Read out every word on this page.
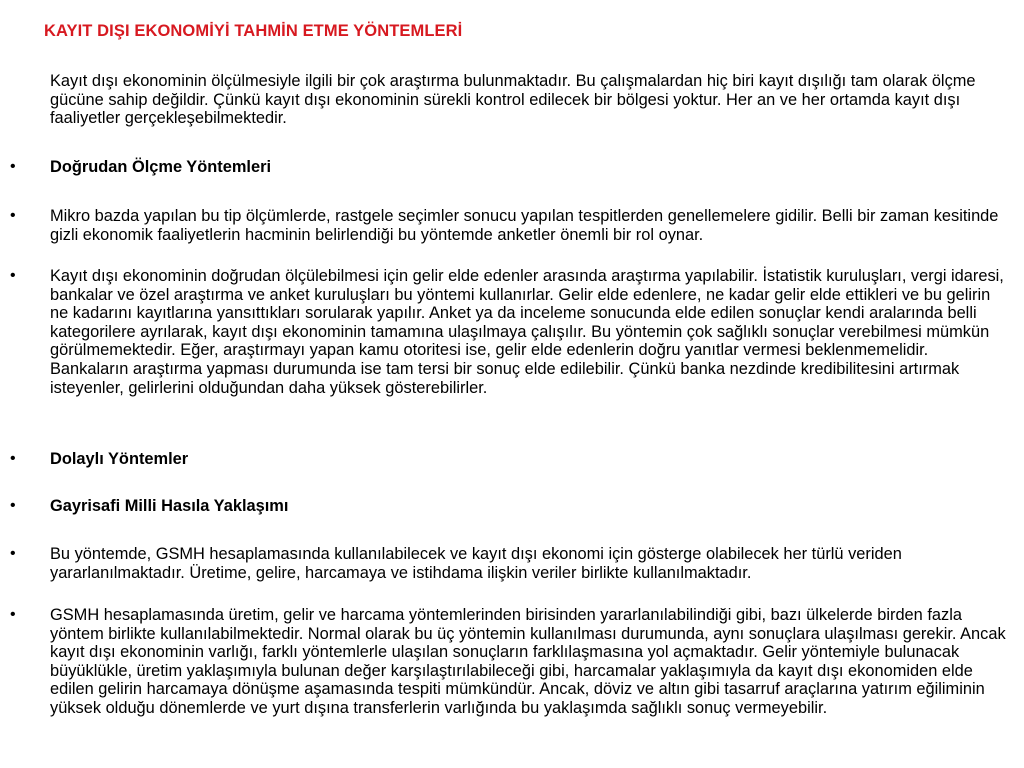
KAYIT DIŞI EKONOMİYİ TAHMİN ETME YÖNTEMLERİ
Kayıt dışı ekonominin ölçülmesiyle ilgili bir çok araştırma bulunmaktadır. Bu çalışmalardan hiç biri kayıt dışılığı tam olarak ölçme gücüne sahip değildir. Çünkü kayıt dışı ekonominin sürekli kontrol edilecek bir bölgesi yoktur. Her an ve her ortamda kayıt dışı faaliyetler gerçekleşebilmektedir.
• Doğrudan Ölçme Yöntemleri
• Mikro bazda yapılan bu tip ölçümlerde, rastgele seçimler sonucu yapılan tespitlerden genellemelere gidilir. Belli bir zaman kesitinde gizli ekonomik faaliyetlerin hacminin belirlendiği bu yöntemde anketler önemli bir rol oynar.
• Kayıt dışı ekonominin doğrudan ölçülebilmesi için gelir elde edenler arasında araştırma yapılabilir. İstatistik kuruluşları, vergi idaresi, bankalar ve özel araştırma ve anket kuruluşları bu yöntemi kullanırlar. Gelir elde edenlere, ne kadar gelir elde ettikleri ve bu gelirin ne kadarını kayıtlarına yansıttıkları sorularak yapılır. Anket ya da inceleme sonucunda elde edilen sonuçlar kendi aralarında belli kategorilere ayrılarak, kayıt dışı ekonominin tamamına ulaşılmaya çalışılır. Bu yöntemin çok sağlıklı sonuçlar verebilmesi mümkün görülmemektedir. Eğer, araştırmayı yapan kamu otoritesi ise, gelir elde edenlerin doğru yanıtlar vermesi beklenmemelidir. Bankaların araştırma yapması durumunda ise tam tersi bir sonuç elde edilebilir. Çünkü banka nezdinde kredibilitesini artırmak isteyenler, gelirlerini olduğundan daha yüksek gösterebilirler.
• Dolaylı Yöntemler
• Gayrisafi Milli Hasıla Yaklaşımı
• Bu yöntemde, GSMH hesaplamasında kullanılabilecek ve kayıt dışı ekonomi için gösterge olabilecek her türlü veriden yararlanılmaktadır. Üretime, gelire, harcamaya ve istihdama ilişkin veriler birlikte kullanılmaktadır.
• GSMH hesaplamasında üretim, gelir ve harcama yöntemlerinden birisinden yararlanılabilindiği gibi, bazı ülkelerde birden fazla yöntem birlikte kullanılabilmektedir. Normal olarak bu üç yöntemin kullanılması durumunda, aynı sonuçlara ulaşılması gerekir. Ancak kayıt dışı ekonominin varlığı, farklı yöntemlerle ulaşılan sonuçların farklılaşmasına yol açmaktadır. Gelir yöntemiyle bulunacak büyüklükle, üretim yaklaşımıyla bulunan değer karşılaştırılabileceği gibi, harcamalar yaklaşımıyla da kayıt dışı ekonomiden elde edilen gelirin harcamaya dönüşme aşamasında tespiti mümkündür. Ancak, döviz ve altın gibi tasarruf araçlarına yatırım eğiliminin yüksek olduğu dönemlerde ve yurt dışına transferlerin varlığında bu yaklaşımda sağlıklı sonuç vermeyebilir.
